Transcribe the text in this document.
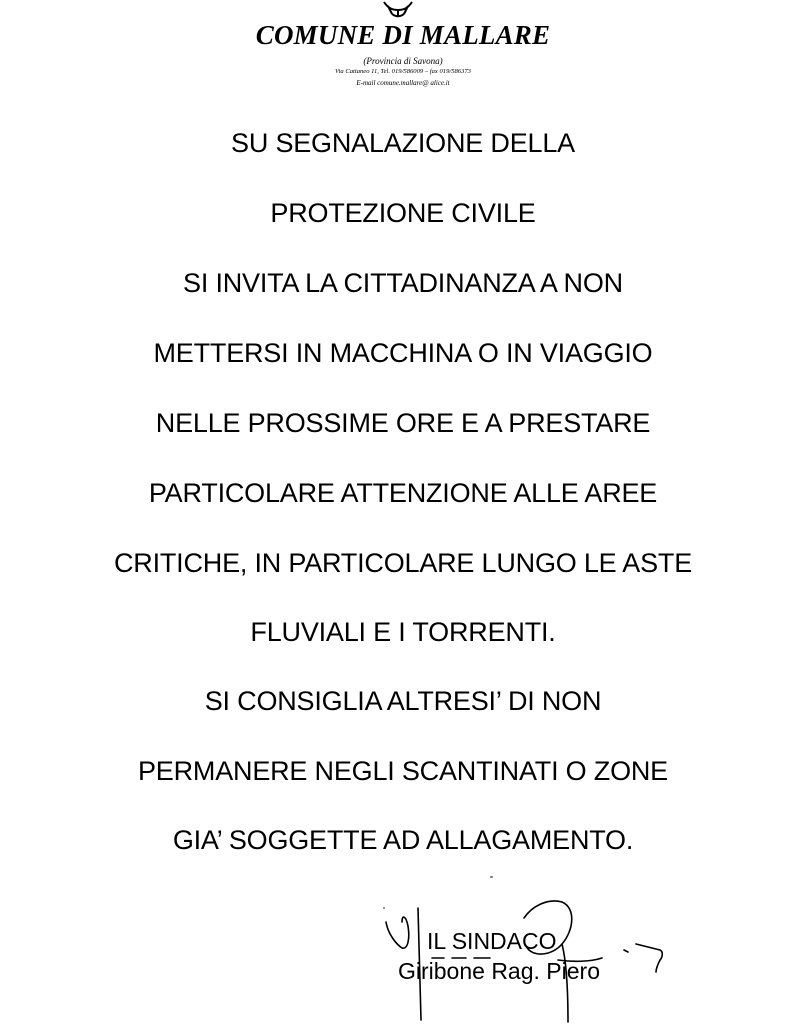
COMUNE DI MALLARE
(Provincia di Savona)
Via Cattaneo 11, Tel. 019/586009 – fax 019/586373
E-mail comune.mallare@ alice.it
SU SEGNALAZIONE DELLA
PROTEZIONE CIVILE
SI INVITA LA CITTADINANZA A NON
METTERSI IN MACCHINA O IN VIAGGIO
NELLE PROSSIME ORE E A PRESTARE
PARTICOLARE ATTENZIONE ALLE AREE
CRITICHE, IN PARTICOLARE LUNGO LE ASTE
FLUVIALI E I TORRENTI.
SI CONSIGLIA ALTRESI’ DI NON
PERMANERE NEGLI SCANTINATI O ZONE
GIA’ SOGGETTE AD ALLAGAMENTO.
IL SINDACO
Giribone Rag. Piero
